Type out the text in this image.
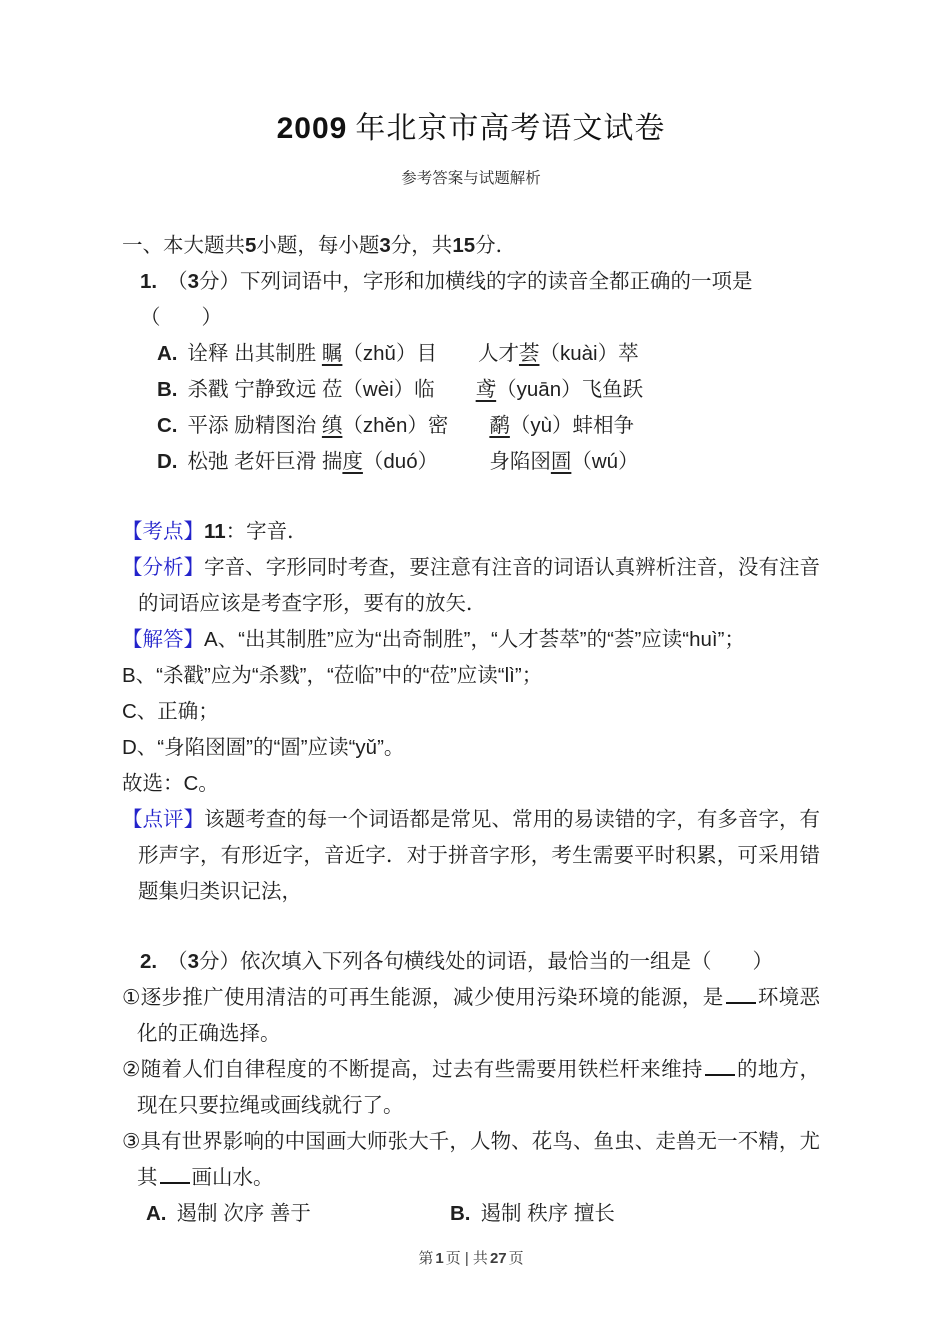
2009 年北京市高考语文试卷
参考答案与试题解析
一、本大题共5小题，每小题3分，共15分．
1. （3分）下列词语中，字形和加横线的字的读音全都正确的一项是（　　）
A. 诠释 出其制胜 瞩（zhǔ）目　　人才荟（kuài）萃
B. 杀戳 宁静致远 莅（wèi）临　　鸢（yuān）飞鱼跃
C. 平添 励精图治 缜（zhěn）密　　鹬（yù）蚌相争
D. 松弛 老奸巨滑 揣度（duó）　　　身陷囹圄（wú）
【考点】11：字音．
【分析】字音、字形同时考查，要注意有注音的词语认真辨析注音，没有注音的词语应该是考查字形，要有的放矢．
【解答】A、“出其制胜”应为“出奇制胜”，“人才荟萃”的“荟”应读“huì”；
B、“杀戳”应为“杀戮”，“莅临”中的“莅”应读“lì”；
C、正确；
D、“身陷囹圄”的“圄”应读“yǔ”。
故选：C。
【点评】该题考查的每一个词语都是常见、常用的易读错的字，有多音字，有形声字，有形近字，音近字．对于拼音字形，考生需要平时积累，可采用错题集归类识记法，
2. （3分）依次填入下列各句横线处的词语，最恰当的一组是（　　）
①逐步推广使用清洁的可再生能源，减少使用污染环境的能源，是 环境恶化的正确选择。
②随着人们自律程度的不断提高，过去有些需要用铁栏杆来维持 的地方，现在只要拉绳或画线就行了。
③具有世界影响的中国画大师张大千，人物、花鸟、鱼虫、走兽无一不精，尤其 画山水。
A. 遏制 次序 善于	B. 遏制 秩序 擅长
第 1 页 | 共 27 页
